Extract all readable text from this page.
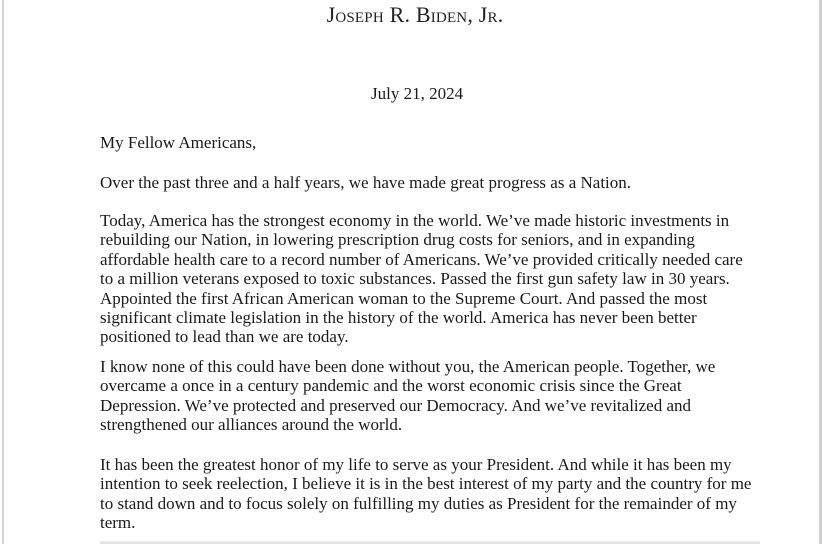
Joseph R. Biden, Jr.
July 21, 2024
My Fellow Americans,
Over the past three and a half years, we have made great progress as a Nation.
Today, America has the strongest economy in the world. We’ve made historic investments in
rebuilding our Nation, in lowering prescription drug costs for seniors, and in expanding
affordable health care to a record number of Americans. We’ve provided critically needed care
to a million veterans exposed to toxic substances. Passed the first gun safety law in 30 years.
Appointed the first African American woman to the Supreme Court. And passed the most
significant climate legislation in the history of the world. America has never been better
positioned to lead than we are today.
I know none of this could have been done without you, the American people. Together, we
overcame a once in a century pandemic and the worst economic crisis since the Great
Depression. We’ve protected and preserved our Democracy. And we’ve revitalized and
strengthened our alliances around the world.
It has been the greatest honor of my life to serve as your President. And while it has been my
intention to seek reelection, I believe it is in the best interest of my party and the country for me
to stand down and to focus solely on fulfilling my duties as President for the remainder of my
term.
